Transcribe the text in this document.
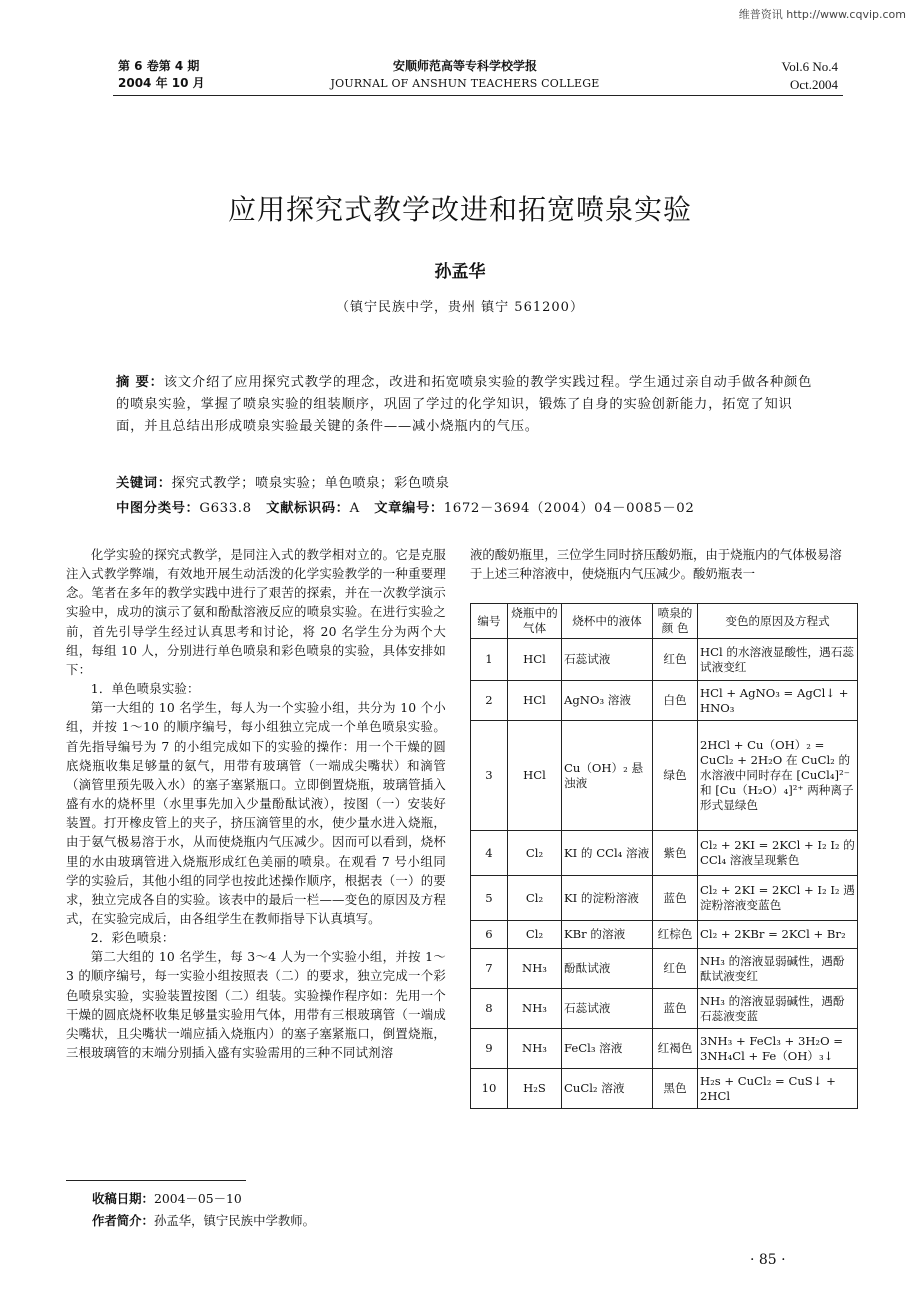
维普资讯 http://www.cqvip.com
第 6 卷第 4 期
2004 年 10 月
安顺师范高等专科学校学报
JOURNAL OF ANSHUN TEACHERS COLLEGE
Vol.6 No.4
Oct.2004
应用探究式教学改进和拓宽喷泉实验
孙孟华
（镇宁民族中学，贵州 镇宁 561200）
摘 要：该文介绍了应用探究式教学的理念，改进和拓宽喷泉实验的教学实践过程。学生通过亲自动手做各种颜色的喷泉实验，掌握了喷泉实验的组装顺序，巩固了学过的化学知识，锻炼了自身的实验创新能力，拓宽了知识面，并且总结出形成喷泉实验最关键的条件——减小烧瓶内的气压。
关键词：探究式教学；喷泉实验；单色喷泉；彩色喷泉
中图分类号：G633.8 文献标识码：A 文章编号：1672－3694（2004）04－0085－02

化学实验的探究式教学，是同注入式的教学相对立的。它是克服注入式教学弊端，有效地开展生动活泼的化学实验教学的一种重要理念。笔者在多年的教学实践中进行了艰苦的探索，并在一次教学演示实验中，成功的演示了氨和酚酞溶液反应的喷泉实验。在进行实验之前，首先引导学生经过认真思考和讨论，将 20 名学生分为两个大组，每组 10 人，分别进行单色喷泉和彩色喷泉的实验，具体安排如下：

1．单色喷泉实验：

第一大组的 10 名学生，每人为一个实验小组，共分为 10 个小组，并按 1～10 的顺序编号，每小组独立完成一个单色喷泉实验。首先指导编号为 7 的小组完成如下的实验的操作：用一个干燥的圆底烧瓶收集足够量的氨气，用带有玻璃管（一端成尖嘴状）和滴管（滴管里预先吸入水）的塞子塞紧瓶口。立即倒置烧瓶，玻璃管插入盛有水的烧杯里（水里事先加入少量酚酞试液），按图（一）安装好装置。打开橡皮管上的夹子，挤压滴管里的水，使少量水进入烧瓶，由于氨气极易溶于水，从而使烧瓶内气压减少。因而可以看到，烧杯里的水由玻璃管进入烧瓶形成红色美丽的喷泉。在观看 7 号小组同学的实验后，其他小组的同学也按此述操作顺序，根据表（一）的要求，独立完成各自的实验。该表中的最后一栏——变色的原因及方程式，在实验完成后，由各组学生在教师指导下认真填写。

2．彩色喷泉：

第二大组的 10 名学生，每 3～4 人为一个实验小组，并按 1～3 的顺序编号，每一实验小组按照表（二）的要求，独立完成一个彩色喷泉实验，实验装置按图（二）组装。实验操作程序如：先用一个干燥的圆底烧杯收集足够量实验用气体，用带有三根玻璃管（一端成尖嘴状，且尖嘴状一端应插入烧瓶内）的塞子塞紧瓶口，倒置烧瓶，三根玻璃管的末端分别插入盛有实验需用的三种不同试剂溶

液的酸奶瓶里，三位学生同时挤压酸奶瓶，由于烧瓶内的气体极易溶于上述三种溶液中，使烧瓶内气压减少。酸奶瓶表一
编号	烧瓶中的气体	烧杯中的液体	喷泉的颜 色	变色的原因及方程式
1	HCl	石蕊试液	红色	HCl 的水溶液显酸性，遇石蕊试液变红
2	HCl	AgNO₃ 溶液	白色	HCl + AgNO₃ = AgCl↓ + HNO₃
3	HCl	Cu（OH）₂ 悬浊液	绿色	2HCl + Cu（OH）₂ = CuCl₂ + 2H₂O 在 CuCl₂ 的水溶液中同时存在 [CuCl₄]²⁻ 和 [Cu（H₂O）₄]²⁺ 两种离子形式显绿色
4	Cl₂	KI 的 CCl₄ 溶液	紫色	Cl₂ + 2KI = 2KCl + I₂ I₂ 的 CCl₄ 溶液呈现紫色
5	Cl₂	KI 的淀粉溶液	蓝色	Cl₂ + 2KI = 2KCl + I₂ I₂ 遇淀粉溶液变蓝色
6	Cl₂	KBr 的溶液	红棕色	Cl₂ + 2KBr = 2KCl + Br₂
7	NH₃	酚酞试液	红色	NH₃ 的溶液显弱碱性，遇酚酞试液变红
8	NH₃	石蕊试液	蓝色	NH₃ 的溶液显弱碱性，遇酚石蕊液变蓝
9	NH₃	FeCl₃ 溶液	红褐色	3NH₃ + FeCl₃ + 3H₂O = 3NH₄Cl + Fe（OH）₃↓
10	H₂S	CuCl₂ 溶液	黑色	H₂s + CuCl₂ = CuS↓ + 2HCl
收稿日期：2004－05－10
作者简介：孙孟华，镇宁民族中学教师。
· 85 ·
